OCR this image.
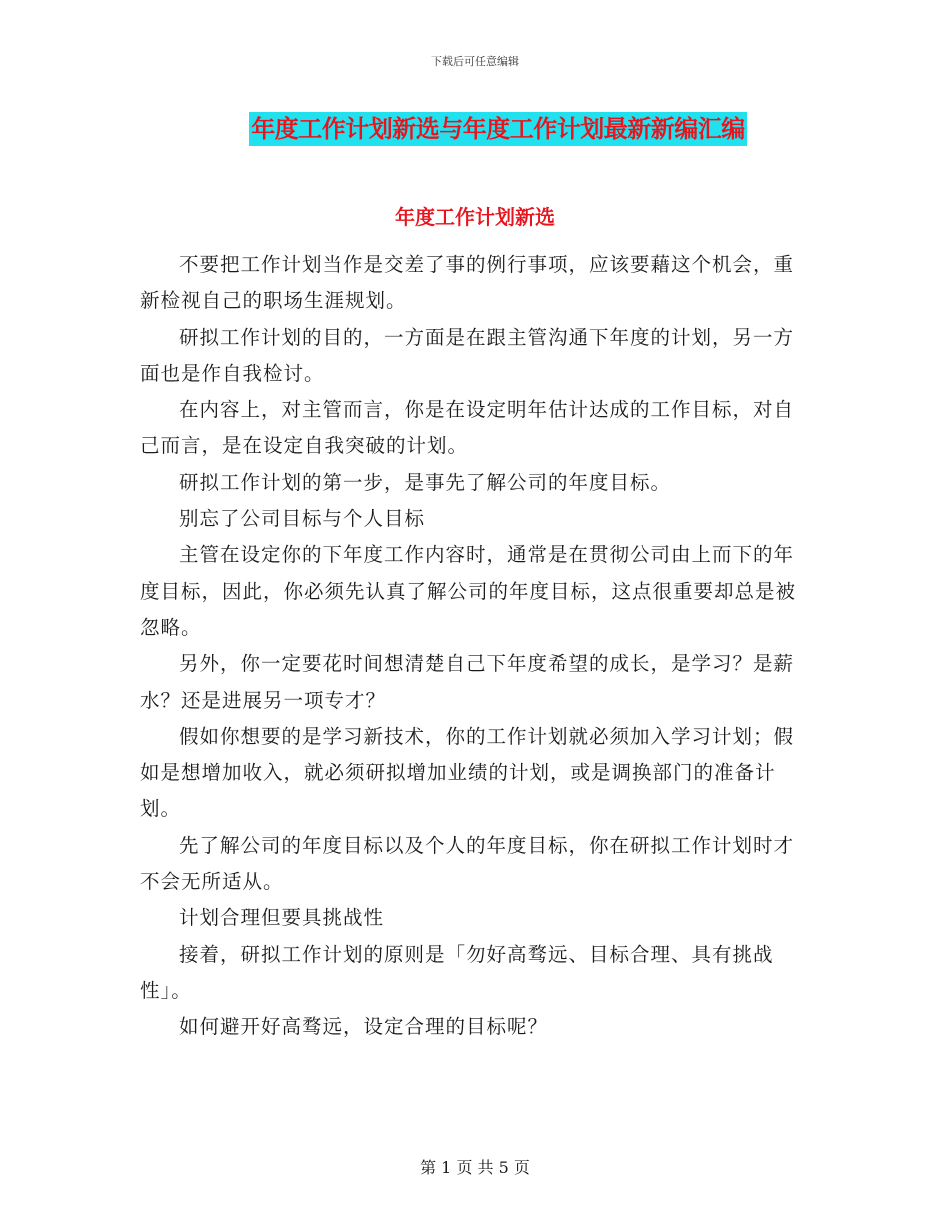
下载后可任意编辑
年度工作计划新选与年度工作计划最新新编汇编
年度工作计划新选

不要把工作计划当作是交差了事的例行事项，应该要藉这个机会，重新检视自己的职场生涯规划。

研拟工作计划的目的，一方面是在跟主管沟通下年度的计划，另一方面也是作自我检讨。

在内容上，对主管而言，你是在设定明年估计达成的工作目标，对自己而言，是在设定自我突破的计划。

研拟工作计划的第一步，是事先了解公司的年度目标。

别忘了公司目标与个人目标

主管在设定你的下年度工作内容时，通常是在贯彻公司由上而下的年度目标，因此，你必须先认真了解公司的年度目标，这点很重要却总是被忽略。

另外，你一定要花时间想清楚自己下年度希望的成长，是学习？是薪水？还是进展另一项专才？

假如你想要的是学习新技术，你的工作计划就必须加入学习计划；假如是想增加收入，就必须研拟增加业绩的计划，或是调换部门的准备计划。

先了解公司的年度目标以及个人的年度目标，你在研拟工作计划时才不会无所适从。

计划合理但要具挑战性

接着，研拟工作计划的原则是「勿好高骛远、目标合理、具有挑战性」。

如何避开好高骛远，设定合理的目标呢？

第 1 页 共 5 页
